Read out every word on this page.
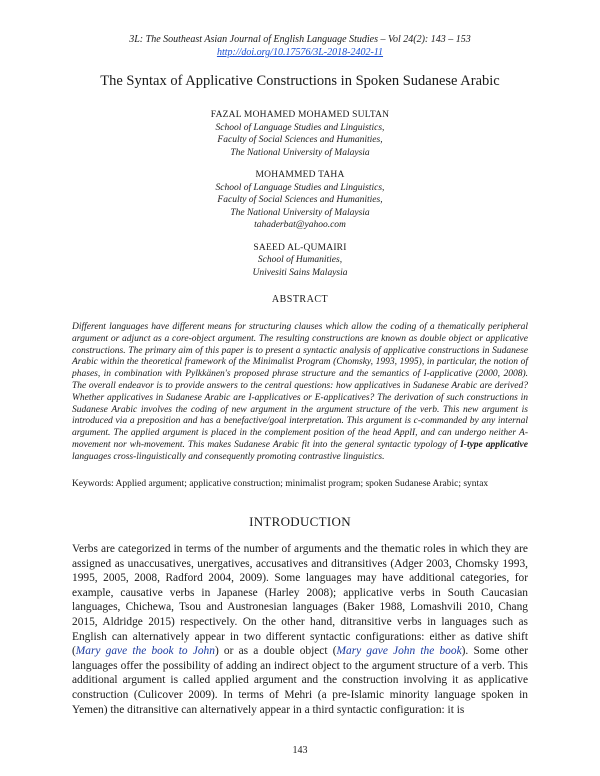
3L: The Southeast Asian Journal of English Language Studies – Vol 24(2): 143 – 153
http://doi.org/10.17576/3L-2018-2402-11
The Syntax of Applicative Constructions in Spoken Sudanese Arabic
FAZAL MOHAMED MOHAMED SULTAN
School of Language Studies and Linguistics,
Faculty of Social Sciences and Humanities,
The National University of Malaysia
MOHAMMED TAHA
School of Language Studies and Linguistics,
Faculty of Social Sciences and Humanities,
The National University of Malaysia
tahaderbat@yahoo.com
SAEED AL-QUMAIRI
School of Humanities,
Univesiti Sains Malaysia
ABSTRACT
Different languages have different means for structuring clauses which allow the coding of a thematically peripheral argument or adjunct as a core-object argument. The resulting constructions are known as double object or applicative constructions. The primary aim of this paper is to present a syntactic analysis of applicative constructions in Sudanese Arabic within the theoretical framework of the Minimalist Program (Chomsky, 1993, 1995), in particular, the notion of phases, in combination with Pylkkänen's proposed phrase structure and the semantics of I-applicative (2000, 2008). The overall endeavor is to provide answers to the central questions: how applicatives in Sudanese Arabic are derived? Whether applicatives in Sudanese Arabic are I-applicatives or E-applicatives? The derivation of such constructions in Sudanese Arabic involves the coding of new argument in the argument structure of the verb. This new argument is introduced via a preposition and has a benefactive/goal interpretation. This argument is c-commanded by any internal argument. The applied argument is placed in the complement position of the head ApplI, and can undergo neither A-movement nor wh-movement. This makes Sudanese Arabic fit into the general syntactic typology of I-type applicative languages cross-linguistically and consequently promoting contrastive linguistics.
Keywords: Applied argument; applicative construction; minimalist program; spoken Sudanese Arabic; syntax
INTRODUCTION
Verbs are categorized in terms of the number of arguments and the thematic roles in which they are assigned as unaccusatives, unergatives, accusatives and ditransitives (Adger 2003, Chomsky 1993, 1995, 2005, 2008, Radford 2004, 2009). Some languages may have additional categories, for example, causative verbs in Japanese (Harley 2008); applicative verbs in South Caucasian languages, Chichewa, Tsou and Austronesian languages (Baker 1988, Lomashvili 2010, Chang 2015, Aldridge 2015) respectively. On the other hand, ditransitive verbs in languages such as English can alternatively appear in two different syntactic configurations: either as dative shift (Mary gave the book to John) or as a double object (Mary gave John the book). Some other languages offer the possibility of adding an indirect object to the argument structure of a verb. This additional argument is called applied argument and the construction involving it as applicative construction (Culicover 2009). In terms of Mehri (a pre-Islamic minority language spoken in Yemen) the ditransitive can alternatively appear in a third syntactic configuration: it is
143
